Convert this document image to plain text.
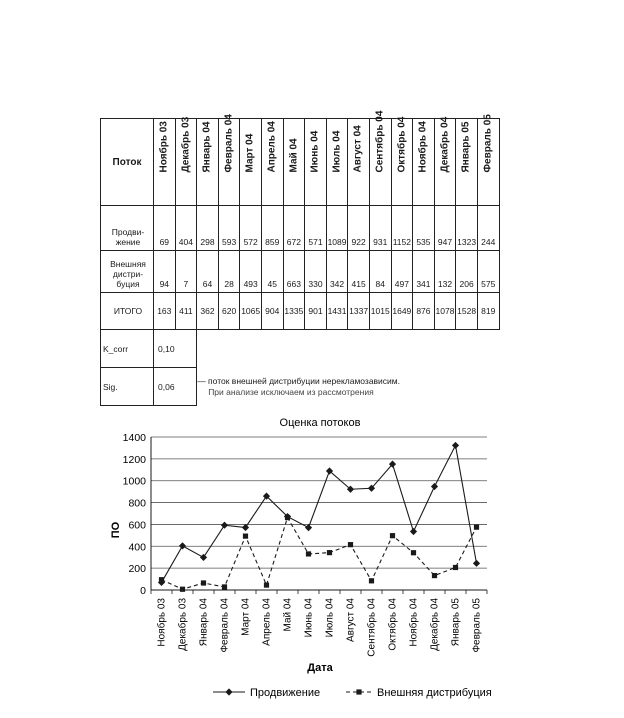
Поток	Ноябрь 03	Декабрь 03	Январь 04	Февраль 04	Март 04	Апрель 04	Май 04	Июнь 04	Июль 04	Август 04	Сентябрь 04	Октябрь 04	Ноябрь 04	Декабрь 04	Январь 05	Февраль 05

Продви-
жение	69	404	298	593	572	859	672	571	1089	922	931	1152	535	947	1323	244

Внешняя
дистри-
буция	94	7	64	28	493	45	663	330	342	415	84	497	341	132	206	575

ИТОГО	163	411	362	620	1065	904	1335	901	1431	1337	1015	1649	876	1078	1528	819
K_corr	0,10															
Sig.	0,06		— поток внешней дистрибуции нерекламозависим.
При анализе исключаем из рассмотрения													
Оценка потоков
0
200
400
600
800
1000
1200
1400
Ноябрь 03 Декабрь 03 Январь 04 Февраль 04 Март 04 Апрель 04 Май 04 Июнь 04 Июль 04 Август 04 Сентябрь 04 Октябрь 04 Ноябрь 04 Декабрь 04 Январь 05 Февраль 05
ПО
Дата
Продвижение	Внешняя дистрибуция
